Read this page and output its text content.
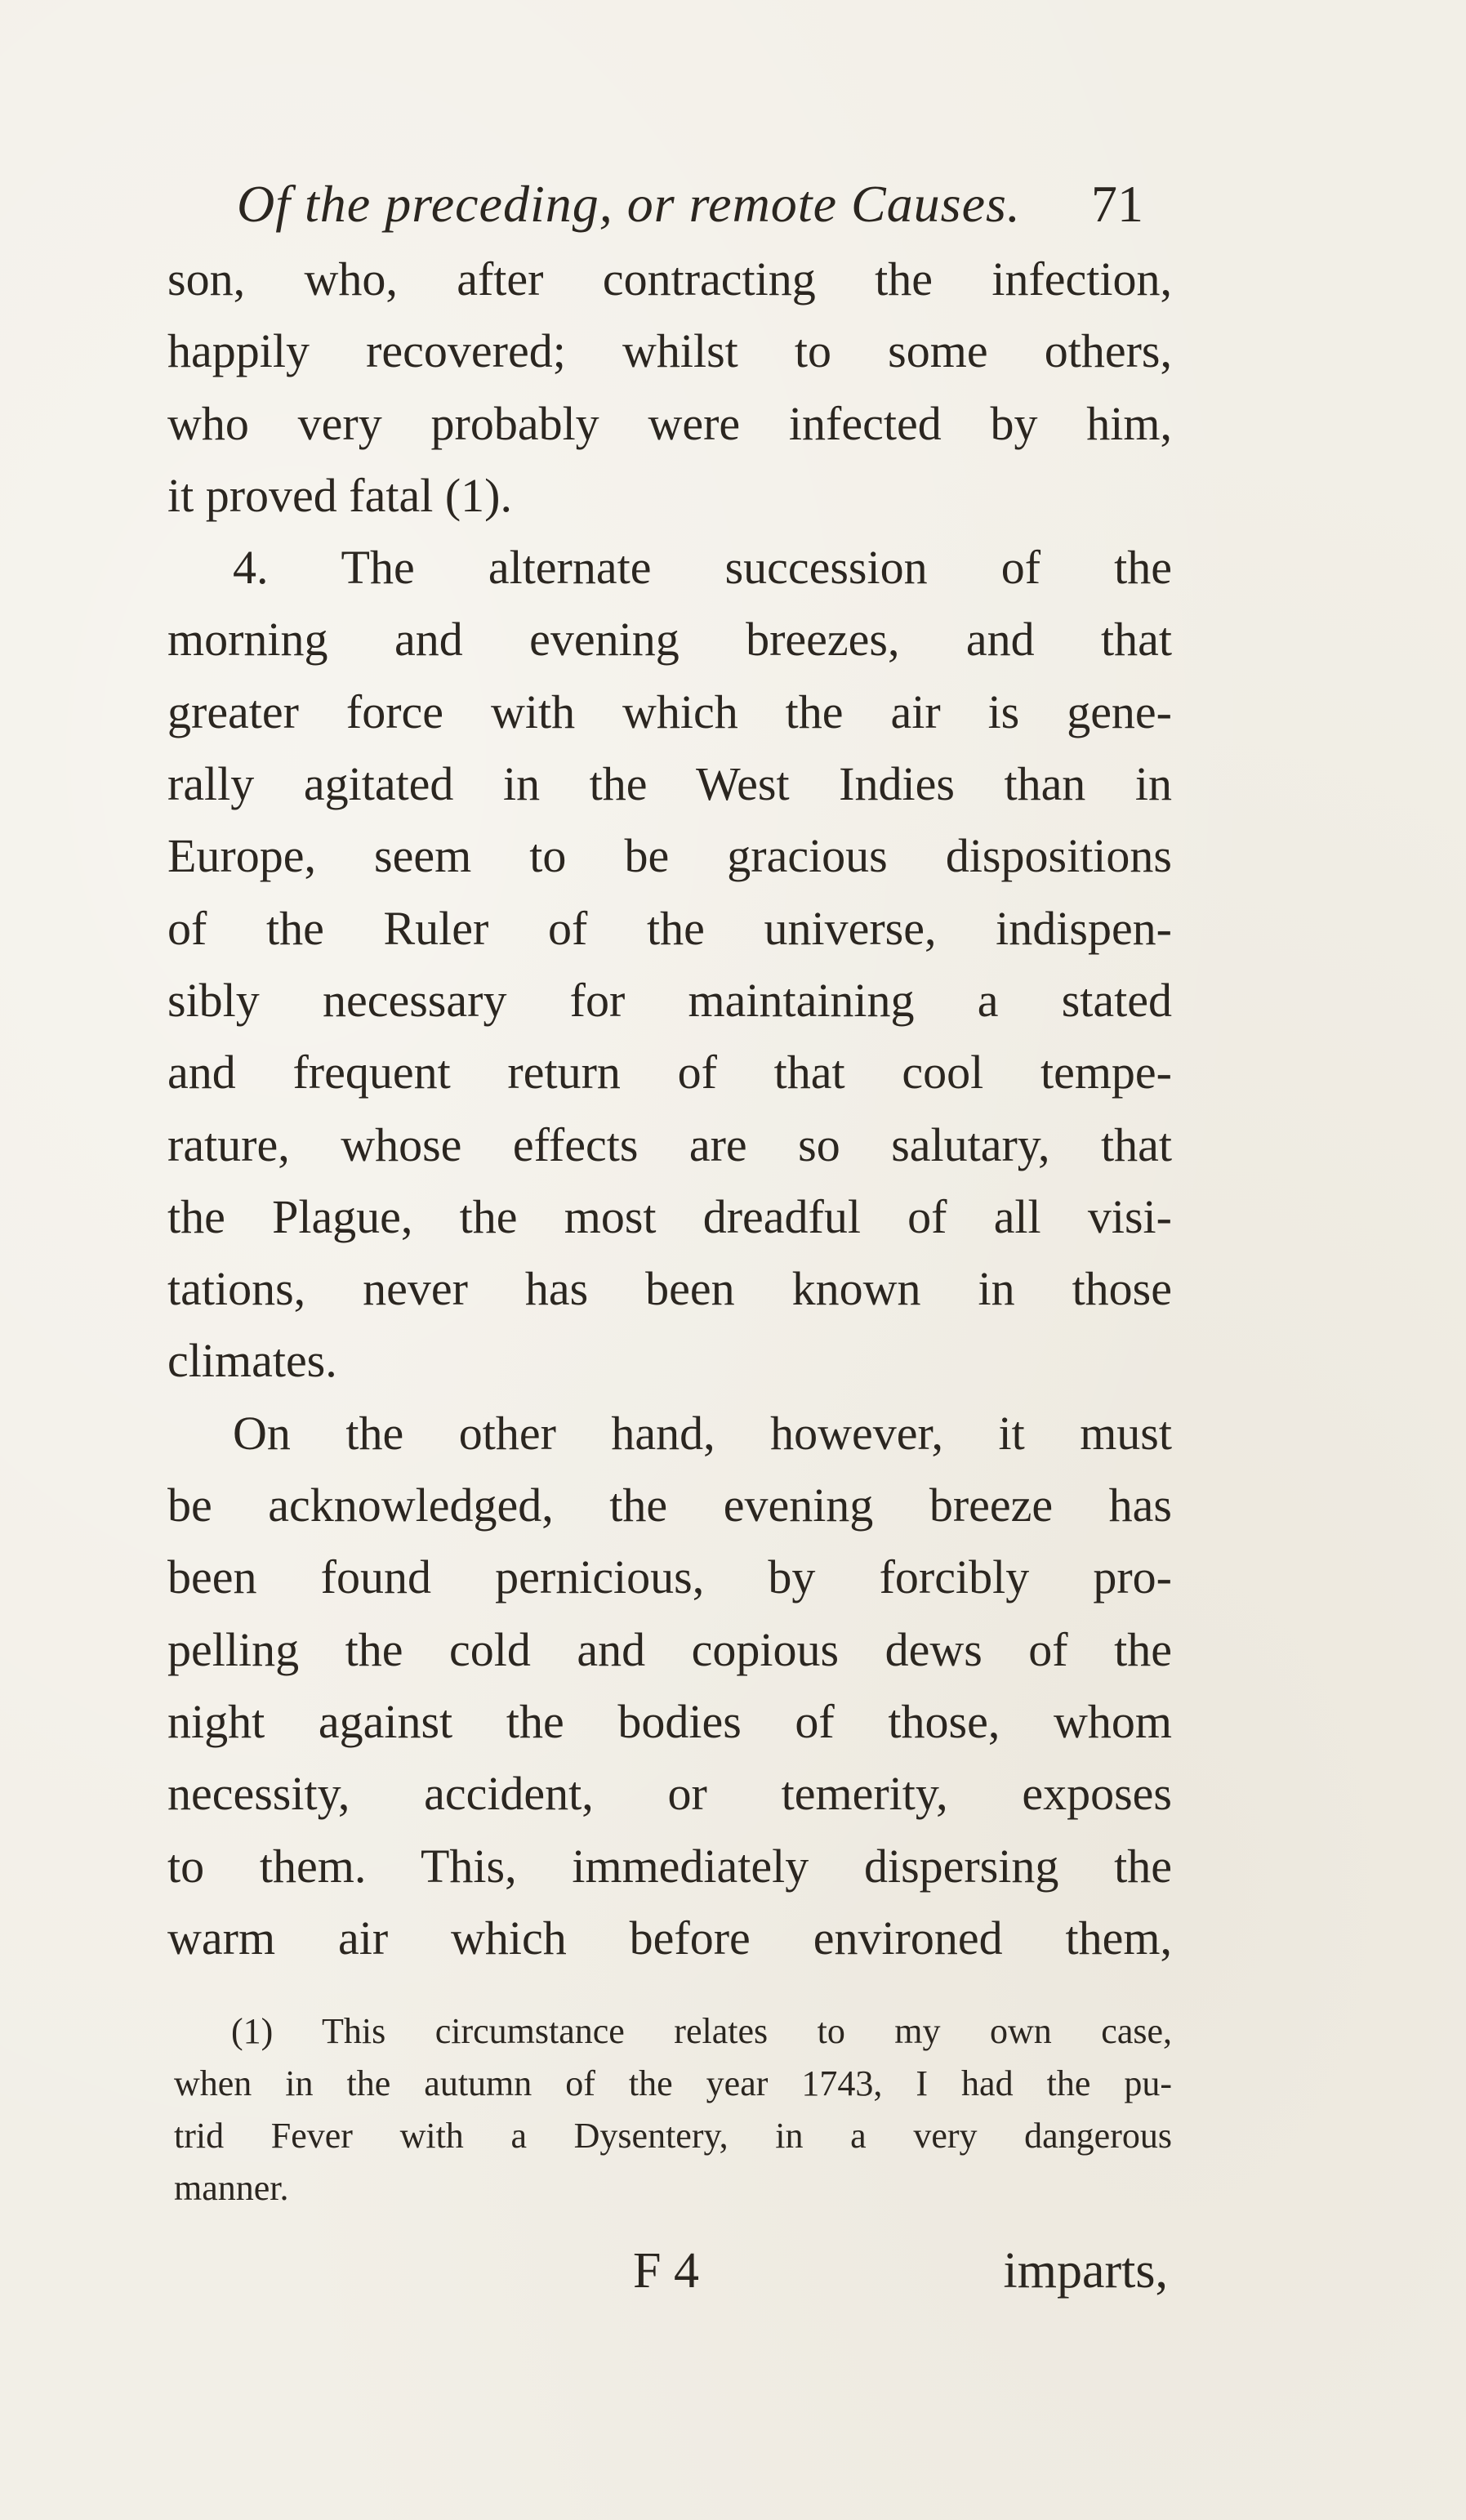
Of the preceding, or remote Causes. 71
son, who, after contracting the infection,
happily recovered; whilst to some others,
who very probably were infected by him,
it proved fatal (1).
4. The alternate succession of the
morning and evening breezes, and that
greater force with which the air is gene-
rally agitated in the West Indies than in
Europe, seem to be gracious dispositions
of the Ruler of the universe, indispen-
sibly necessary for maintaining a stated
and frequent return of that cool tempe-
rature, whose effects are so salutary, that
the Plague, the most dreadful of all visi-
tations, never has been known in those
climates.
On the other hand, however, it must
be acknowledged, the evening breeze has
been found pernicious, by forcibly pro-
pelling the cold and copious dews of the
night against the bodies of those, whom
necessity, accident, or temerity, exposes
to them. This, immediately dispersing the
warm air which before environed them,
(1) This circumstance relates to my own case,
when in the autumn of the year 1743, I had the pu-
trid Fever with a Dysentery, in a very dangerous
manner.
F 4	imparts,
